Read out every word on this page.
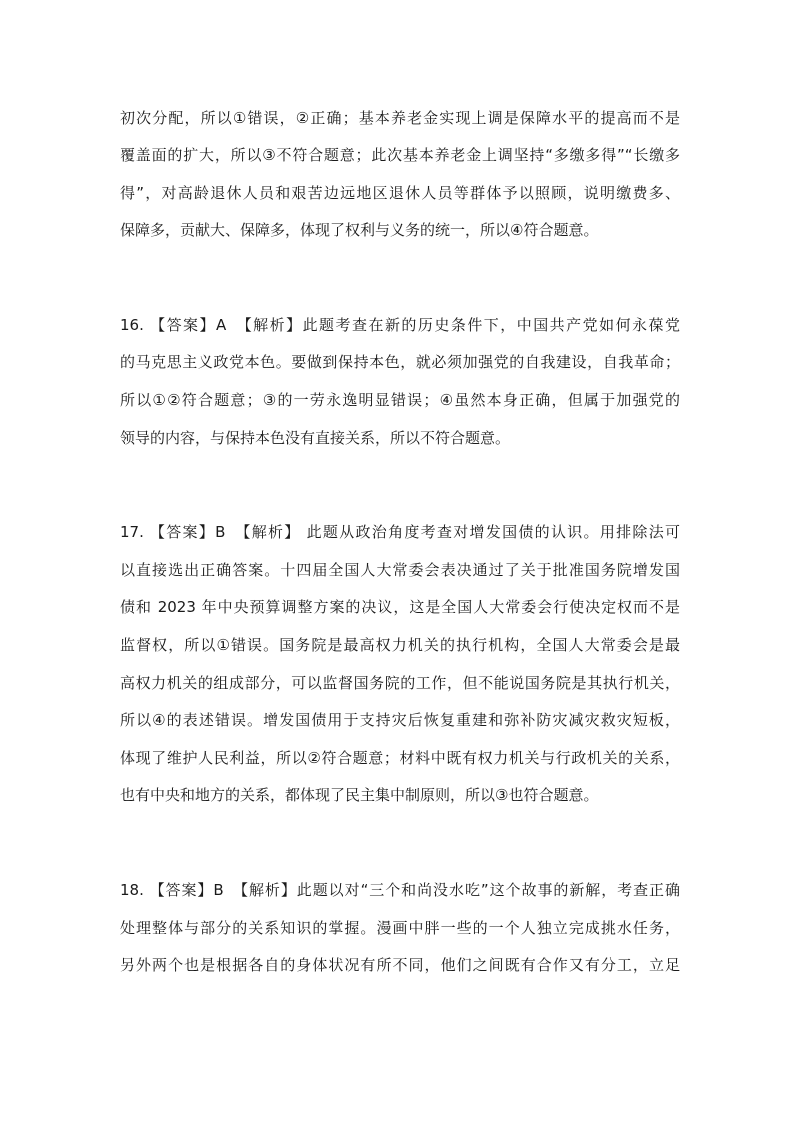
初次分配，所以①错误，②正确；基本养老金实现上调是保障水平的提高而不是
覆盖面的扩大，所以③不符合题意；此次基本养老金上调坚持“多缴多得”“长缴多
得”，对高龄退休人员和艰苦边远地区退休人员等群体予以照顾，说明缴费多、
保障多，贡献大、保障多，体现了权利与义务的统一，所以④符合题意。
16. 【答案】A　【解析】此题考查在新的历史条件下，中国共产党如何永葆党
的马克思主义政党本色。要做到保持本色，就必须加强党的自我建设，自我革命；
所以①②符合题意；③的一劳永逸明显错误；④虽然本身正确，但属于加强党的
领导的内容，与保持本色没有直接关系，所以不符合题意。
17. 【答案】B　【解析】 此题从政治角度考查对增发国债的认识。用排除法可
以直接选出正确答案。十四届全国人大常委会表决通过了关于批准国务院增发国
债和 2023 年中央预算调整方案的决议，这是全国人大常委会行使决定权而不是
监督权，所以①错误。国务院是最高权力机关的执行机构，全国人大常委会是最
高权力机关的组成部分，可以监督国务院的工作，但不能说国务院是其执行机关，
所以④的表述错误。增发国债用于支持灾后恢复重建和弥补防灾减灾救灾短板，
体现了维护人民利益，所以②符合题意；材料中既有权力机关与行政机关的关系，
也有中央和地方的关系，都体现了民主集中制原则，所以③也符合题意。
18. 【答案】B　【解析】此题以对“三个和尚没水吃”这个故事的新解，考查正确
处理整体与部分的关系知识的掌握。漫画中胖一些的一个人独立完成挑水任务，
另外两个也是根据各自的身体状况有所不同，他们之间既有合作又有分工，立足
